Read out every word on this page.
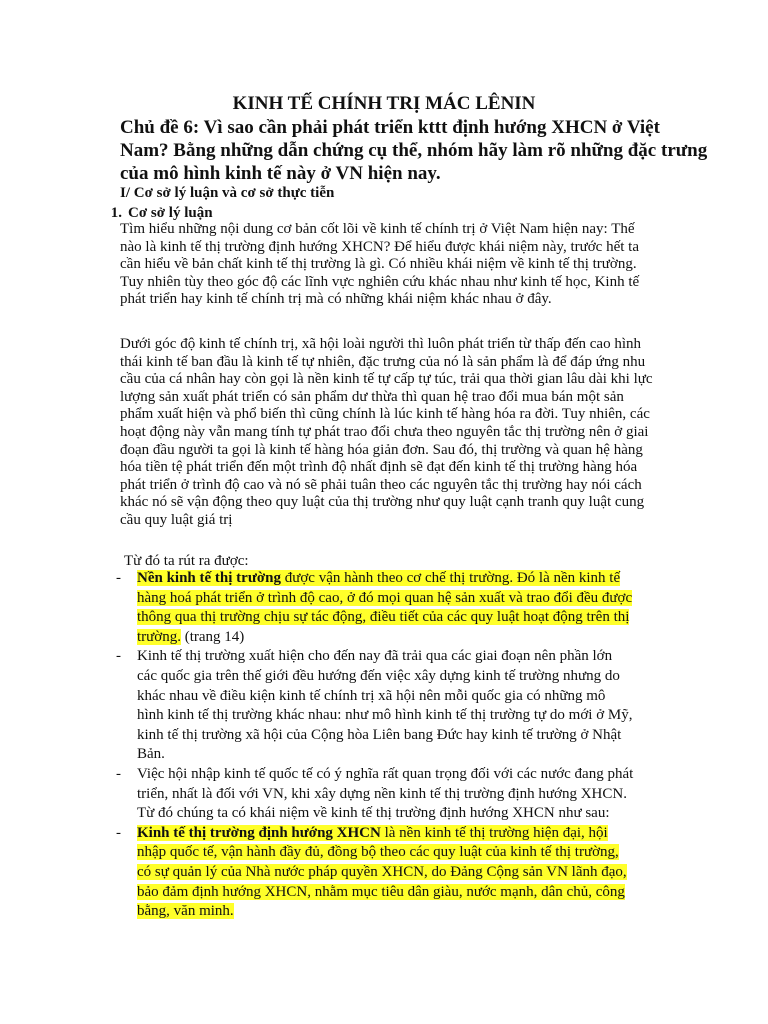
KINH TẾ CHÍNH TRỊ MÁC LÊNIN
Chủ đề 6: Vì sao cần phải phát triển kttt định hướng XHCN ở Việt
Nam? Bằng những dẫn chứng cụ thể, nhóm hãy làm rõ những đặc trưng
của mô hình kinh tế này ở VN hiện nay.
I/ Cơ sở lý luận và cơ sở thực tiễn
1. Cơ sở lý luận
Tìm hiểu những nội dung cơ bản cốt lõi về kinh tế chính trị ở Việt Nam hiện nay: Thế
nào là kinh tế thị trường định hướng XHCN? Để hiểu được khái niệm này, trước hết ta
cần hiểu về bản chất kinh tế thị trường là gì. Có nhiều khái niệm về kinh tế thị trường.
Tuy nhiên tùy theo góc độ các lĩnh vực nghiên cứu khác nhau như kinh tế học, Kinh tế
phát triển hay kinh tế chính trị mà có những khái niệm khác nhau ở đây.
Dưới góc độ kinh tế chính trị, xã hội loài người thì luôn phát triển từ thấp đến cao hình
thái kinh tế ban đầu là kinh tế tự nhiên, đặc trưng của nó là sản phẩm là để đáp ứng nhu
cầu của cá nhân hay còn gọi là nền kinh tế tự cấp tự túc, trải qua thời gian lâu dài khi lực
lượng sản xuất phát triển có sản phẩm dư thừa thì quan hệ trao đổi mua bán một sản
phẩm xuất hiện và phổ biến thì cũng chính là lúc kinh tế hàng hóa ra đời. Tuy nhiên, các
hoạt động này vẫn mang tính tự phát trao đổi chưa theo nguyên tắc thị trường nên ở giai
đoạn đầu người ta gọi là kinh tế hàng hóa giản đơn. Sau đó, thị trường và quan hệ hàng
hóa tiền tệ phát triển đến một trình độ nhất định sẽ đạt đến kinh tế thị trường hàng hóa
phát triển ở trình độ cao và nó sẽ phải tuân theo các nguyên tắc thị trường hay nói cách
khác nó sẽ vận động theo quy luật của thị trường như quy luật cạnh tranh quy luật cung
cầu quy luật giá trị
Từ đó ta rút ra được:
- Nền kinh tế thị trường được vận hành theo cơ chế thị trường. Đó là nền kinh tế
hàng hoá phát triển ở trình độ cao, ở đó mọi quan hệ sản xuất và trao đổi đều được
thông qua thị trường chịu sự tác động, điều tiết của các quy luật hoạt động trên thị
trường. (trang 14)
- Kinh tế thị trường xuất hiện cho đến nay đã trải qua các giai đoạn nên phần lớn
các quốc gia trên thế giới đều hướng đến việc xây dựng kinh tế trường nhưng do
khác nhau về điều kiện kinh tế chính trị xã hội nên mỗi quốc gia có những mô
hình kinh tế thị trường khác nhau: như mô hình kinh tế thị trường tự do mới ở Mỹ,
kinh tế thị trường xã hội của Cộng hòa Liên bang Đức hay kinh tế trường ở Nhật
Bản.
- Việc hội nhập kinh tế quốc tế có ý nghĩa rất quan trọng đối với các nước đang phát
triển, nhất là đối với VN, khi xây dựng nền kinh tế thị trường định hướng XHCN.
Từ đó chúng ta có khái niệm về kinh tế thị trường định hướng XHCN như sau:
- Kinh tế thị trường định hướng XHCN là nền kinh tế thị trường hiện đại, hội
nhập quốc tế, vận hành đầy đủ, đồng bộ theo các quy luật của kinh tế thị trường,
có sự quản lý của Nhà nước pháp quyền XHCN, do Đảng Cộng sản VN lãnh đạo,
bảo đảm định hướng XHCN, nhằm mục tiêu dân giàu, nước mạnh, dân chủ, công
bằng, văn minh.
